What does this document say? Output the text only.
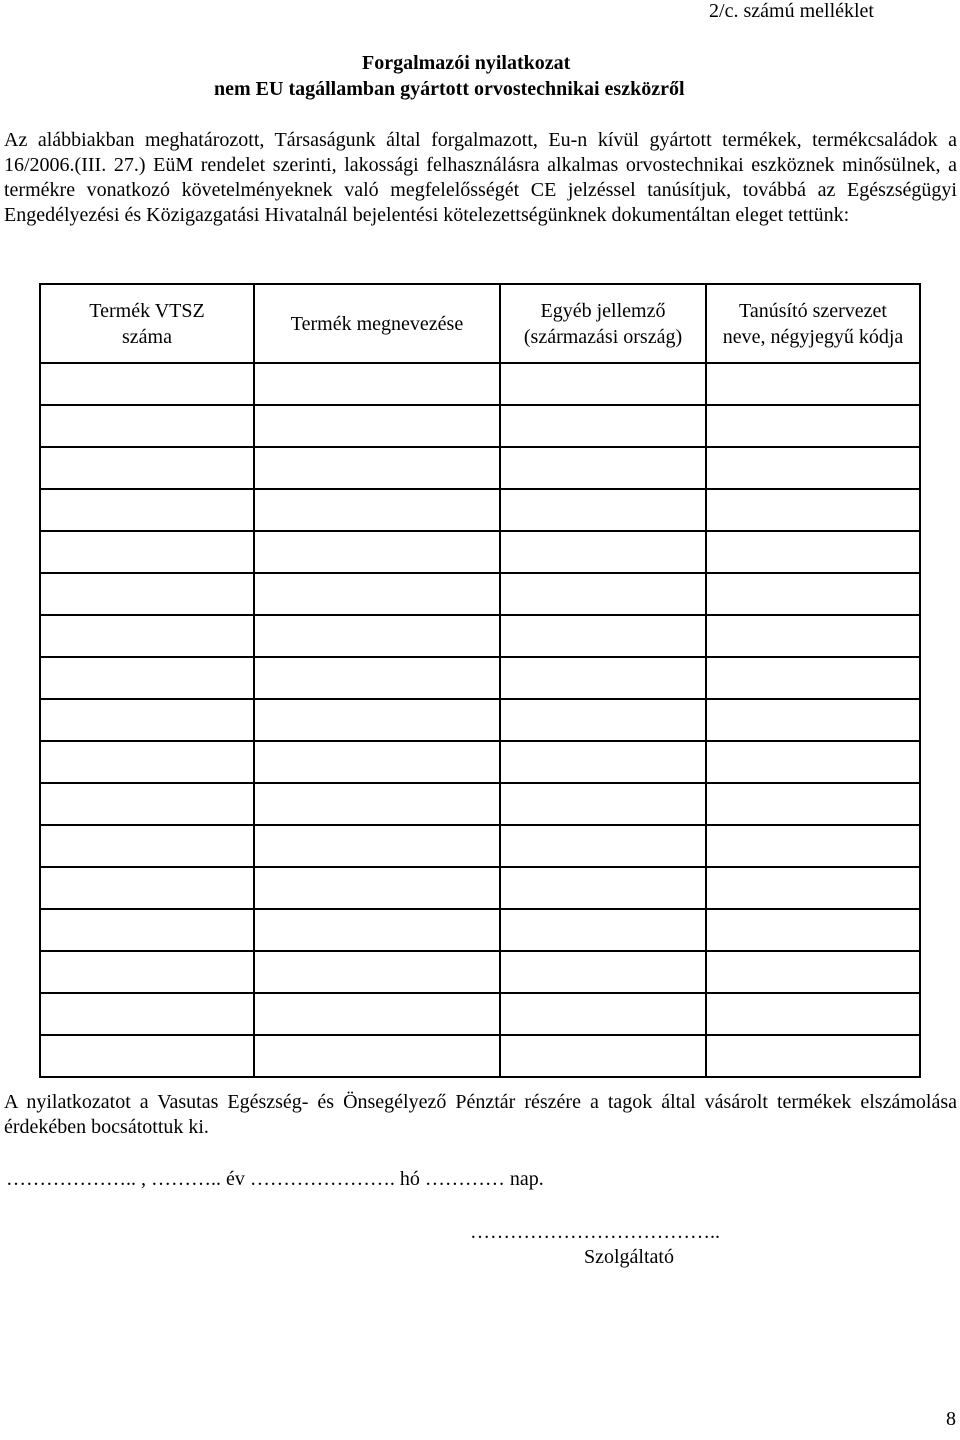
2/c. számú melléklet
Forgalmazói nyilatkozat
nem EU tagállamban gyártott orvostechnikai eszközről

Az alábbiakban meghatározott, Társaságunk által forgalmazott, Eu-n kívül gyártott termékek, termékcsaládok a 16/2006.(III. 27.) EüM rendelet szerinti, lakossági felhasználásra alkalmas orvostechnikai eszköznek minősülnek, a termékre vonatkozó követelményeknek való megfelelősségét CE jelzéssel tanúsítjuk, továbbá az Egészségügyi Engedélyezési és Közigazgatási Hivatalnál bejelentési kötelezettségünknek dokumentáltan eleget tettünk:

Termék VTSZ száma	Termék megnevezése	Egyéb jellemző (származási ország)	Tanúsító szervezet neve, négyjegyű kódja

A nyilatkozatot a Vasutas Egészség- és Önsegélyező Pénztár részére a tagok által vásárolt termékek elszámolása érdekében bocsátottuk ki.

……………….. , ……….. év …………………. hó ………… nap.
………………………………..
Szolgáltató
8
